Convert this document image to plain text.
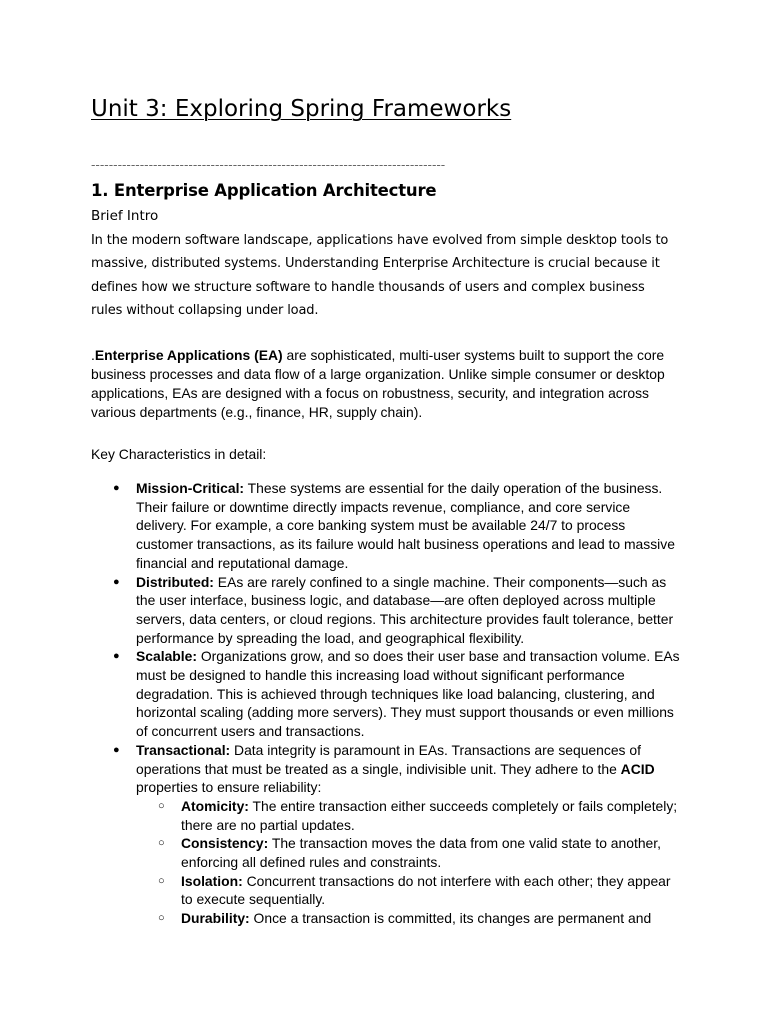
Unit 3: Exploring Spring Frameworks
--------------------------------------------------------------------------------
1. Enterprise Application Architecture
Brief Intro

In the modern software landscape, applications have evolved from simple desktop tools to
massive, distributed systems. Understanding Enterprise Architecture is crucial because it
defines how we structure software to handle thousands of users and complex business
rules without collapsing under load.

.Enterprise Applications (EA) are sophisticated, multi-user systems built to support the core
business processes and data flow of a large organization. Unlike simple consumer or desktop
applications, EAs are designed with a focus on robustness, security, and integration across
various departments (e.g., finance, HR, supply chain).

Key Characteristics in detail:
● Mission-Critical: These systems are essential for the daily operation of the business.
Their failure or downtime directly impacts revenue, compliance, and core service
delivery. For example, a core banking system must be available 24/7 to process
customer transactions, as its failure would halt business operations and lead to massive
financial and reputational damage.
● Distributed: EAs are rarely confined to a single machine. Their components—such as
the user interface, business logic, and database—are often deployed across multiple
servers, data centers, or cloud regions. This architecture provides fault tolerance, better
performance by spreading the load, and geographical flexibility.
● Scalable: Organizations grow, and so does their user base and transaction volume. EAs
must be designed to handle this increasing load without significant performance
degradation. This is achieved through techniques like load balancing, clustering, and
horizontal scaling (adding more servers). They must support thousands or even millions
of concurrent users and transactions.
● Transactional: Data integrity is paramount in EAs. Transactions are sequences of
operations that must be treated as a single, indivisible unit. They adhere to the ACID
properties to ensure reliability:
○ Atomicity: The entire transaction either succeeds completely or fails completely;
there are no partial updates.
○ Consistency: The transaction moves the data from one valid state to another,
enforcing all defined rules and constraints.
○ Isolation: Concurrent transactions do not interfere with each other; they appear
to execute sequentially.
○ Durability: Once a transaction is committed, its changes are permanent and
